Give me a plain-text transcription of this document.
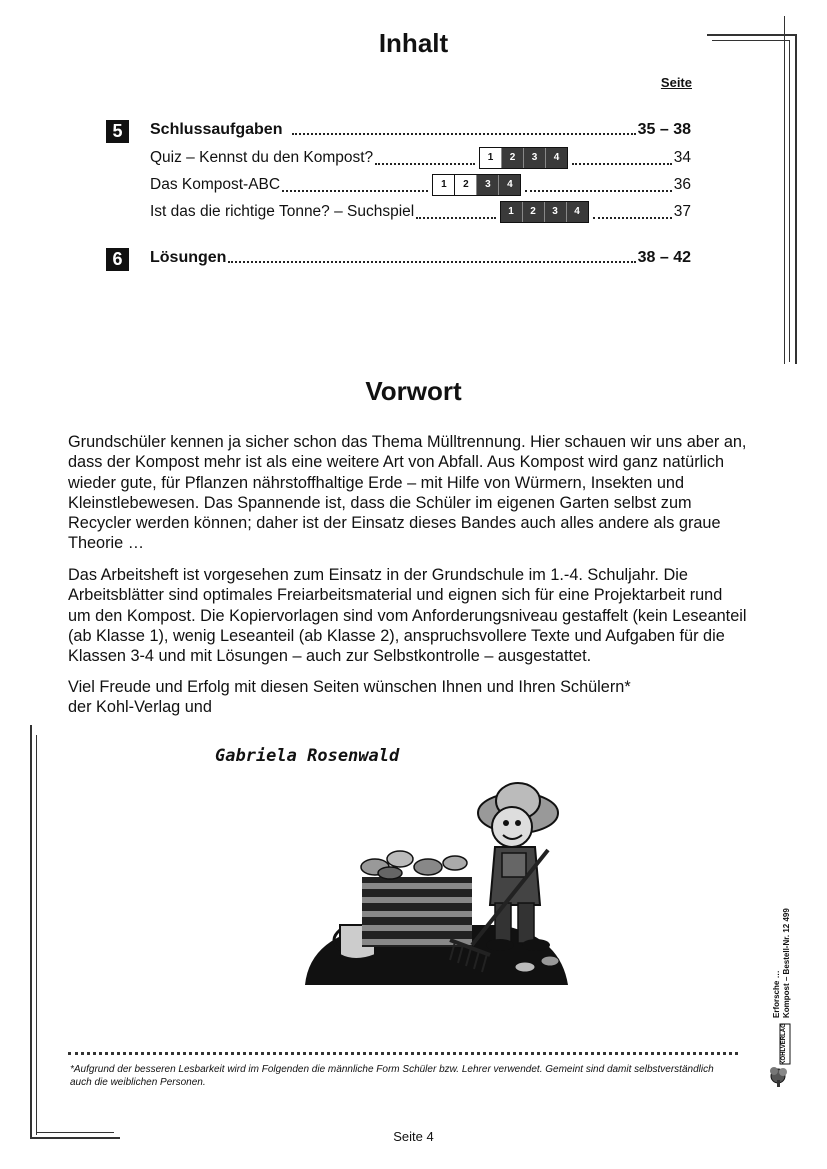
Inhalt
Seite
5	Schlussaufgaben	35 – 38
Quiz – Kennst du den Kompost?	1	2	3	4	34
Das Kompost-ABC	1	2	3	4	36
Ist das die richtige Tonne? – Suchspiel	1	2	3	4	37
6	Lösungen	38 – 42
Vorwort

Grundschüler kennen ja sicher schon das Thema Mülltrennung. Hier schauen wir uns aber an, dass der Kompost mehr ist als eine weitere Art von Abfall. Aus Kompost wird ganz natürlich wieder gute, für Pflanzen nährstoffhaltige Erde – mit Hilfe von Würmern, Insekten und Kleinstlebewesen. Das Spannende ist, dass die Schüler im eigenen Garten selbst zum Recycler werden können; daher ist der Einsatz dieses Bandes auch alles andere als graue Theorie …

Das Arbeitsheft ist vorgesehen zum Einsatz in der Grundschule im 1.-4. Schuljahr. Die Arbeitsblätter sind optimales Freiarbeitsmaterial und eignen sich für eine Projektarbeit rund um den Kompost. Die Kopiervorlagen sind vom Anforderungsniveau gestaffelt (kein Leseanteil (ab Klasse 1), wenig Leseanteil (ab Klasse 2), anspruchsvollere Texte und Aufgaben für die Klassen 3-4 und mit Lösungen – auch zur Selbstkontrolle – ausgestattet.

Viel Freude und Erfolg mit diesen Seiten wünschen Ihnen und Ihren Schülern*

der Kohl-Verlag und

Gabriela Rosenwald
*Aufgrund der besseren Lesbarkeit wird im Folgenden die männliche Form Schüler bzw. Lehrer verwendet. Gemeint sind damit selbstverständlich auch die weiblichen Personen.
Seite 4
Erforsche … Kompost – Bestell-Nr. 12 499
KOHLVERLAG
